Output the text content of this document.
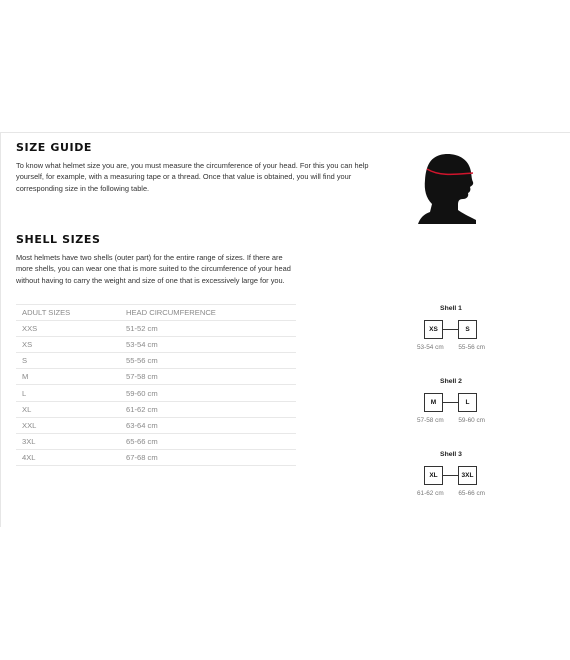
SIZE GUIDE
To know what helmet size you are, you must measure the circumference of your head. For this you can help yourself, for example, with a measuring tape or a thread. Once that value is obtained, you will find your corresponding size in the following table.
SHELL SIZES
Most helmets have two shells (outer part) for the entire range of sizes. If there are more shells, you can wear one that is more suited to the circumference of your head without having to carry the weight and size of one that is excessively large for you.
ADULT SIZES	HEAD CIRCUMFERENCE
XXS	51-52 cm
XS	53-54 cm
S	55-56 cm
M	57-58 cm
L	59-60 cm
XL	61-62 cm
XXL	63-64 cm
3XL	65-66 cm
4XL	67-68 cm
Shell 1
XS	S
53-54 cm 55-56 cm
Shell 2
M	L
57-58 cm 59-60 cm
Shell 3
XL	3XL
61-62 cm 65-66 cm
